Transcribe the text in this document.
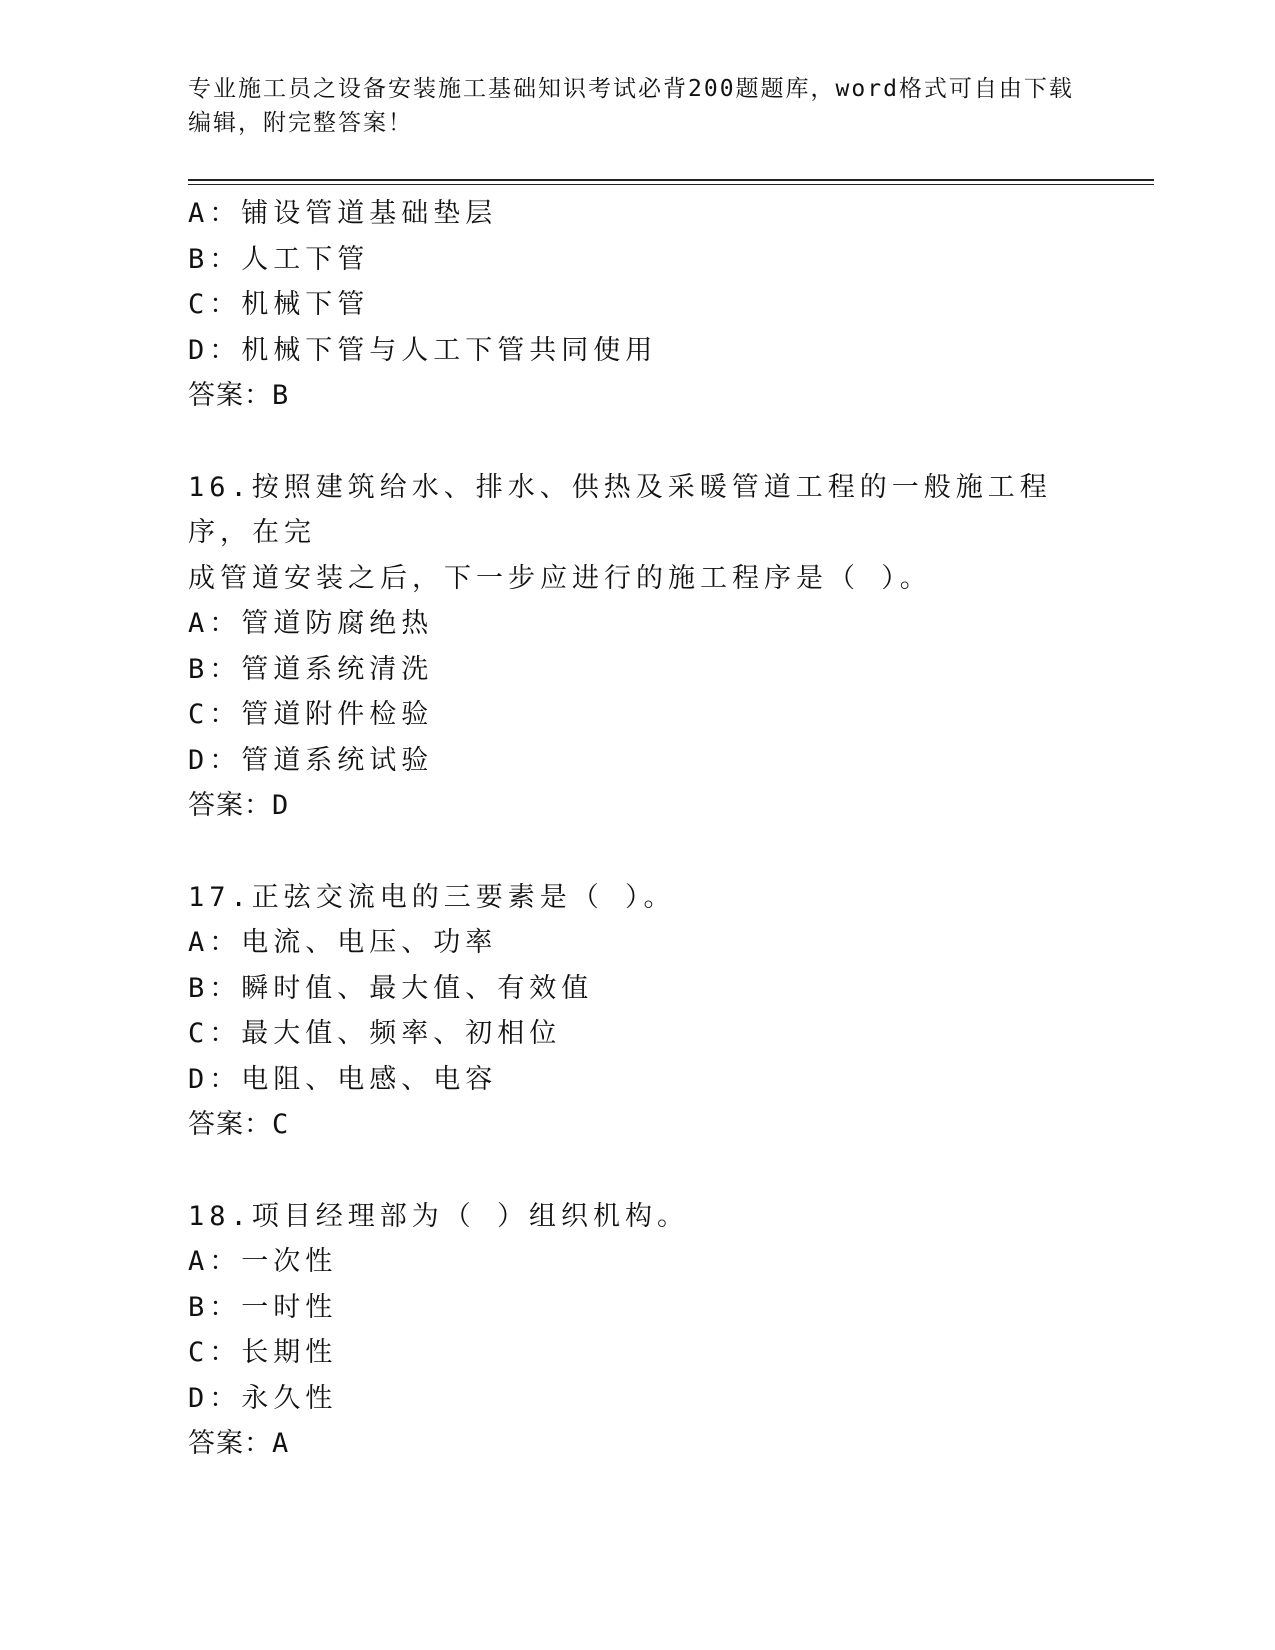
专业施工员之设备安装施工基础知识考试必背200题题库，word格式可自由下载
编辑，附完整答案！
A：铺设管道基础垫层
B：人工下管
C：机械下管
D：机械下管与人工下管共同使用
答案：B
16.按照建筑给水、排水、供热及采暖管道工程的一般施工程序，在完
成管道安装之后，下一步应进行的施工程序是（ ）。
A：管道防腐绝热
B：管道系统清洗
C：管道附件检验
D：管道系统试验
答案：D
17.正弦交流电的三要素是（ ）。
A：电流、电压、功率
B：瞬时值、最大值、有效值
C：最大值、频率、初相位
D：电阻、电感、电容
答案：C
18.项目经理部为（ ）组织机构。
A：一次性
B：一时性
C：长期性
D：永久性
答案：A
